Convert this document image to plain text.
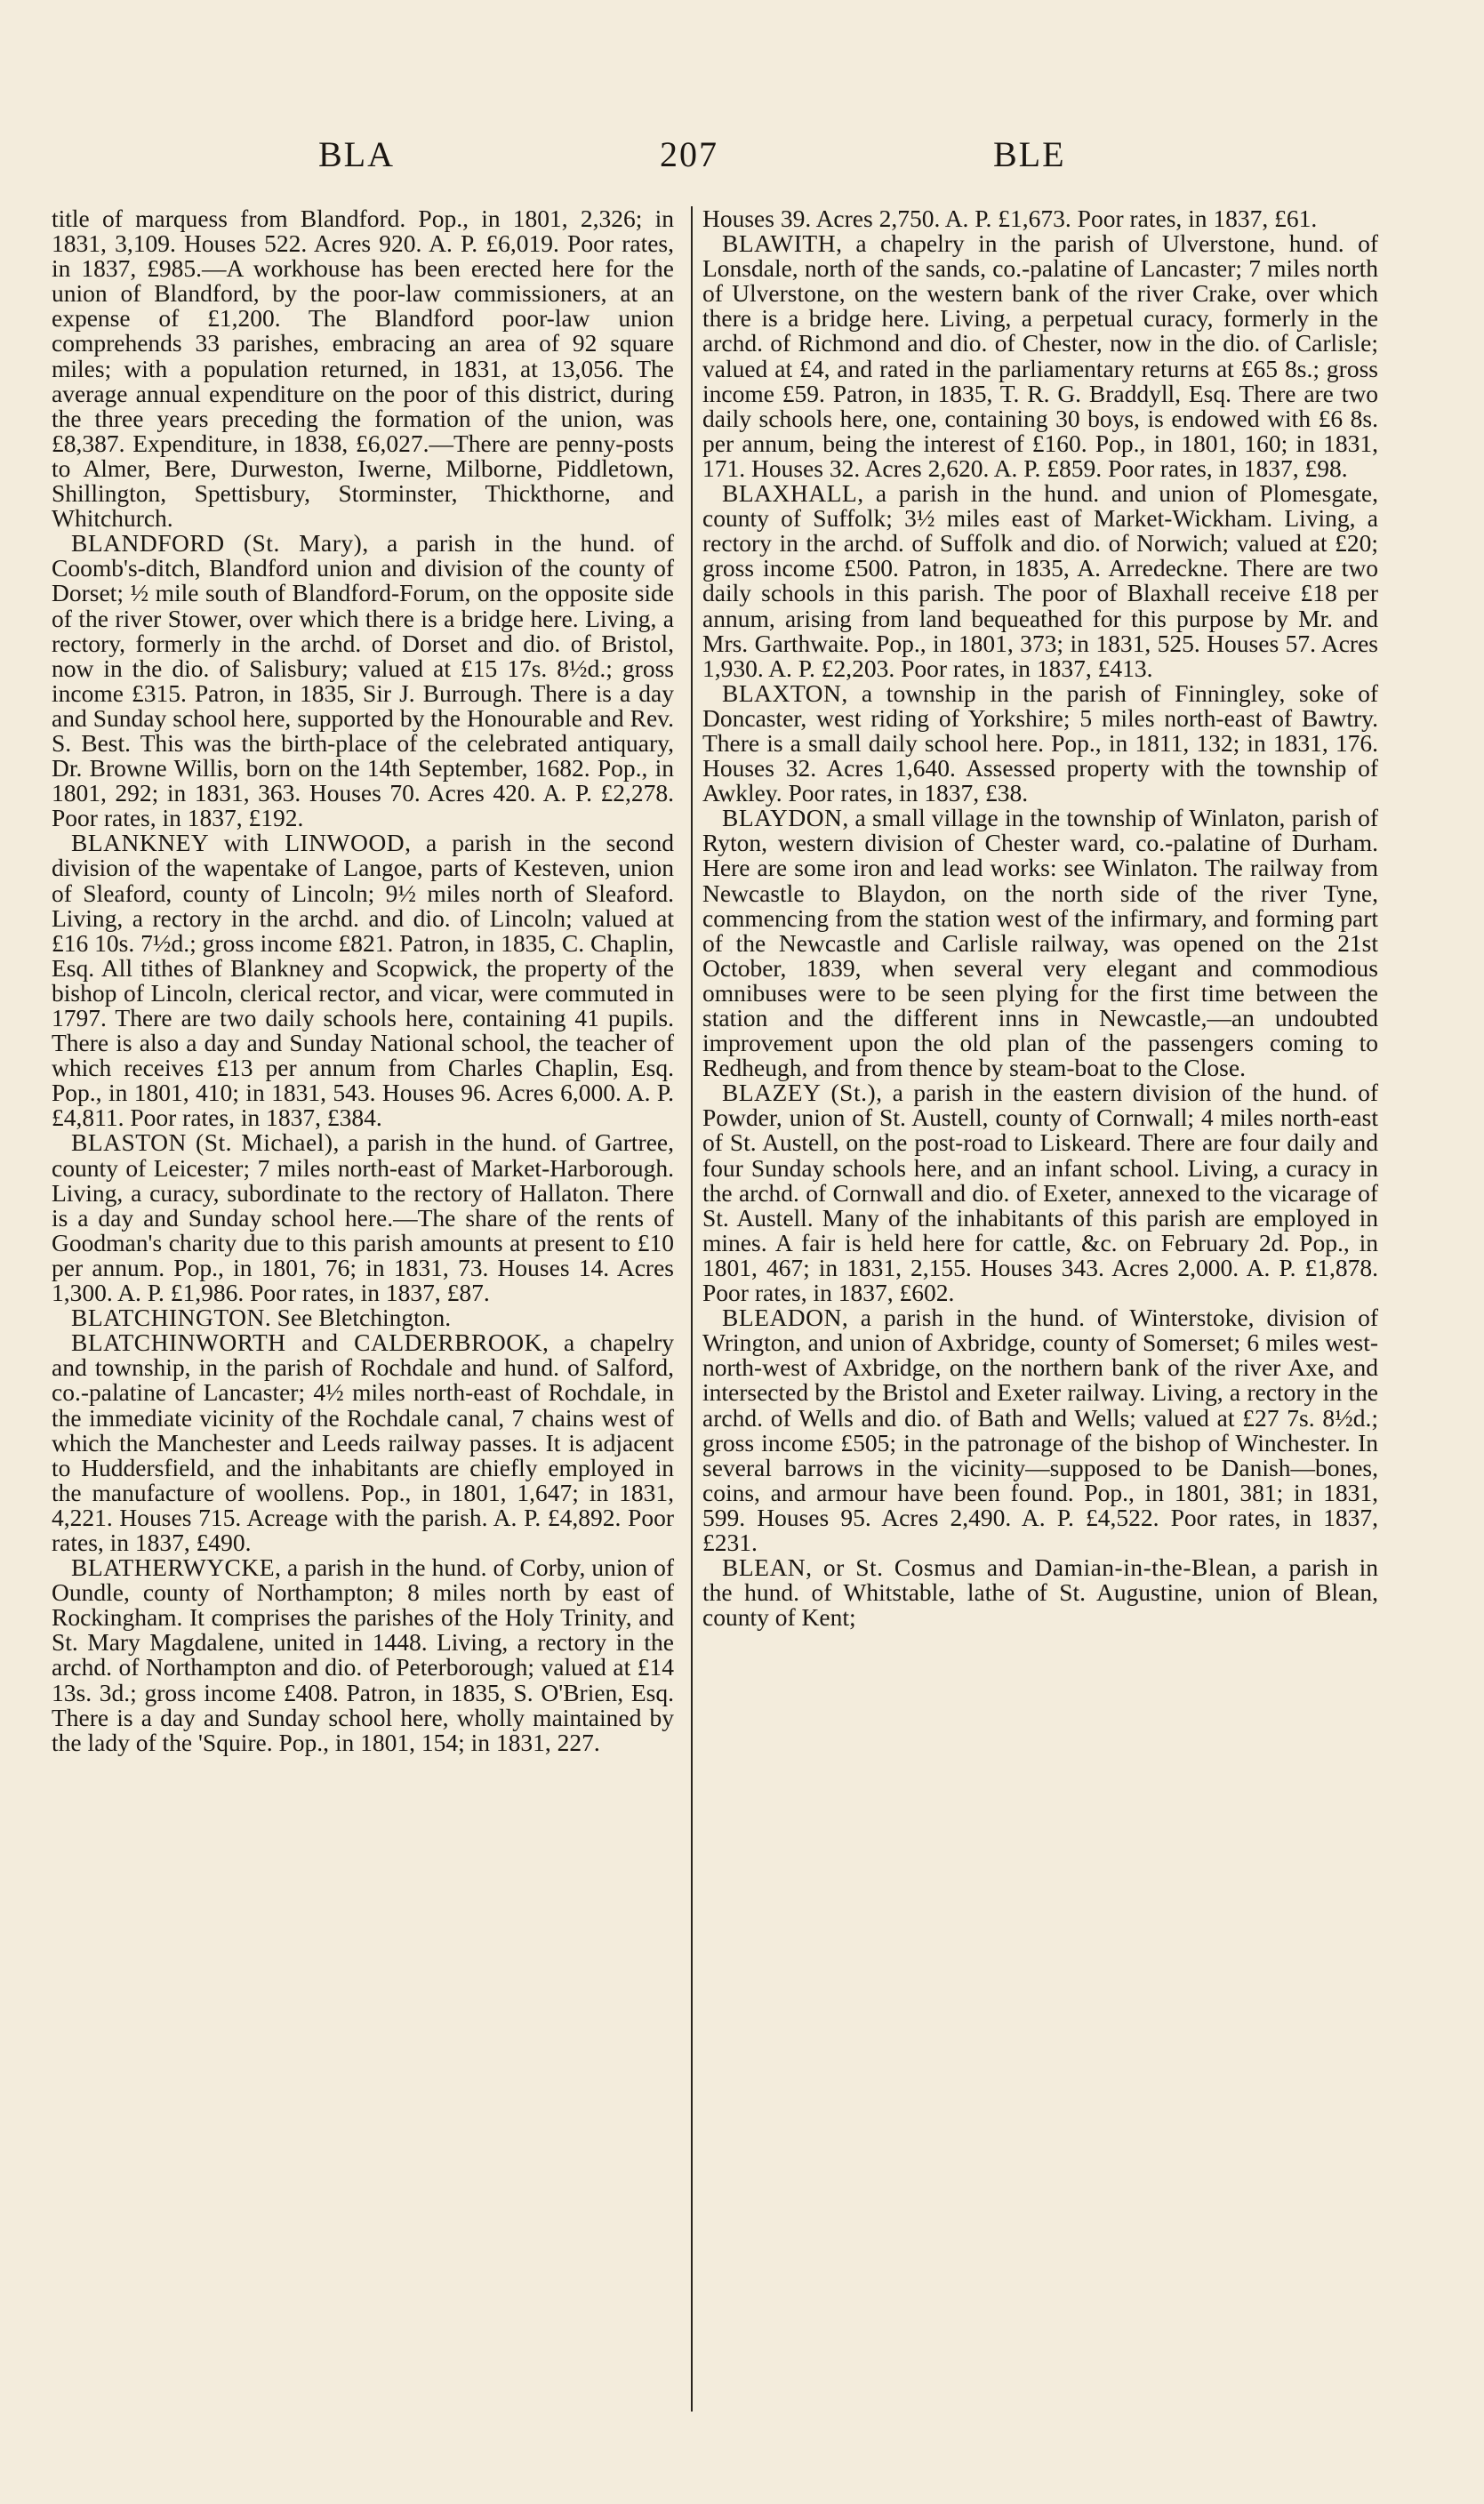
BLA	207	BLE

title of marquess from Blandford. Pop., in 1801, 2,326; in 1831, 3,109. Houses 522. Acres 920. A. P. £6,019. Poor rates, in 1837, £985.—A workhouse has been erected here for the union of Blandford, by the poor-law commissioners, at an expense of £1,200. The Blandford poor-law union comprehends 33 parishes, embracing an area of 92 square miles; with a population returned, in 1831, at 13,056. The average annual expenditure on the poor of this district, during the three years preceding the formation of the union, was £8,387. Expenditure, in 1838, £6,027.—There are penny-posts to Almer, Bere, Durweston, Iwerne, Milborne, Piddletown, Shillington, Spettisbury, Storminster, Thickthorne, and Whitchurch.

BLANDFORD (St. Mary), a parish in the hund. of Coomb's-ditch, Blandford union and division of the county of Dorset; ½ mile south of Blandford-Forum, on the opposite side of the river Stower, over which there is a bridge here. Living, a rectory, formerly in the archd. of Dorset and dio. of Bristol, now in the dio. of Salisbury; valued at £15 17s. 8½d.; gross income £315. Patron, in 1835, Sir J. Burrough. There is a day and Sunday school here, supported by the Honourable and Rev. S. Best. This was the birth-place of the celebrated antiquary, Dr. Browne Willis, born on the 14th September, 1682. Pop., in 1801, 292; in 1831, 363. Houses 70. Acres 420. A. P. £2,278. Poor rates, in 1837, £192.

BLANKNEY with LINWOOD, a parish in the second division of the wapentake of Langoe, parts of Kesteven, union of Sleaford, county of Lincoln; 9½ miles north of Sleaford. Living, a rectory in the archd. and dio. of Lincoln; valued at £16 10s. 7½d.; gross income £821. Patron, in 1835, C. Chaplin, Esq. All tithes of Blankney and Scopwick, the property of the bishop of Lincoln, clerical rector, and vicar, were commuted in 1797. There are two daily schools here, containing 41 pupils. There is also a day and Sunday National school, the teacher of which receives £13 per annum from Charles Chaplin, Esq. Pop., in 1801, 410; in 1831, 543. Houses 96. Acres 6,000. A. P. £4,811. Poor rates, in 1837, £384.

BLASTON (St. Michael), a parish in the hund. of Gartree, county of Leicester; 7 miles north-east of Market-Harborough. Living, a curacy, subordinate to the rectory of Hallaton. There is a day and Sunday school here.—The share of the rents of Goodman's charity due to this parish amounts at present to £10 per annum. Pop., in 1801, 76; in 1831, 73. Houses 14. Acres 1,300. A. P. £1,986. Poor rates, in 1837, £87.

BLATCHINGTON. See Bletchington.

BLATCHINWORTH and CALDERBROOK, a chapelry and township, in the parish of Rochdale and hund. of Salford, co.-palatine of Lancaster; 4½ miles north-east of Rochdale, in the immediate vicinity of the Rochdale canal, 7 chains west of which the Manchester and Leeds railway passes. It is adjacent to Huddersfield, and the inhabitants are chiefly employed in the manufacture of woollens. Pop., in 1801, 1,647; in 1831, 4,221. Houses 715. Acreage with the parish. A. P. £4,892. Poor rates, in 1837, £490.

BLATHERWYCKE, a parish in the hund. of Corby, union of Oundle, county of Northampton; 8 miles north by east of Rockingham. It comprises the parishes of the Holy Trinity, and St. Mary Magdalene, united in 1448. Living, a rectory in the archd. of Northampton and dio. of Peterborough; valued at £14 13s. 3d.; gross income £408. Patron, in 1835, S. O'Brien, Esq. There is a day and Sunday school here, wholly maintained by the lady of the 'Squire. Pop., in 1801, 154; in 1831, 227.

Houses 39. Acres 2,750. A. P. £1,673. Poor rates, in 1837, £61.

BLAWITH, a chapelry in the parish of Ulverstone, hund. of Lonsdale, north of the sands, co.-palatine of Lancaster; 7 miles north of Ulverstone, on the western bank of the river Crake, over which there is a bridge here. Living, a perpetual curacy, formerly in the archd. of Richmond and dio. of Chester, now in the dio. of Carlisle; valued at £4, and rated in the parliamentary returns at £65 8s.; gross income £59. Patron, in 1835, T. R. G. Braddyll, Esq. There are two daily schools here, one, containing 30 boys, is endowed with £6 8s. per annum, being the interest of £160. Pop., in 1801, 160; in 1831, 171. Houses 32. Acres 2,620. A. P. £859. Poor rates, in 1837, £98.

BLAXHALL, a parish in the hund. and union of Plomesgate, county of Suffolk; 3½ miles east of Market-Wickham. Living, a rectory in the archd. of Suffolk and dio. of Norwich; valued at £20; gross income £500. Patron, in 1835, A. Arredeckne. There are two daily schools in this parish. The poor of Blaxhall receive £18 per annum, arising from land bequeathed for this purpose by Mr. and Mrs. Garthwaite. Pop., in 1801, 373; in 1831, 525. Houses 57. Acres 1,930. A. P. £2,203. Poor rates, in 1837, £413.

BLAXTON, a township in the parish of Finningley, soke of Doncaster, west riding of Yorkshire; 5 miles north-east of Bawtry. There is a small daily school here. Pop., in 1811, 132; in 1831, 176. Houses 32. Acres 1,640. Assessed property with the township of Awkley. Poor rates, in 1837, £38.

BLAYDON, a small village in the township of Winlaton, parish of Ryton, western division of Chester ward, co.-palatine of Durham. Here are some iron and lead works: see Winlaton. The railway from Newcastle to Blaydon, on the north side of the river Tyne, commencing from the station west of the infirmary, and forming part of the Newcastle and Carlisle railway, was opened on the 21st October, 1839, when several very elegant and commodious omnibuses were to be seen plying for the first time between the station and the different inns in Newcastle,—an undoubted improvement upon the old plan of the passengers coming to Redheugh, and from thence by steam-boat to the Close.

BLAZEY (St.), a parish in the eastern division of the hund. of Powder, union of St. Austell, county of Cornwall; 4 miles north-east of St. Austell, on the post-road to Liskeard. There are four daily and four Sunday schools here, and an infant school. Living, a curacy in the archd. of Cornwall and dio. of Exeter, annexed to the vicarage of St. Austell. Many of the inhabitants of this parish are employed in mines. A fair is held here for cattle, &c. on February 2d. Pop., in 1801, 467; in 1831, 2,155. Houses 343. Acres 2,000. A. P. £1,878. Poor rates, in 1837, £602.

BLEADON, a parish in the hund. of Winterstoke, division of Wrington, and union of Axbridge, county of Somerset; 6 miles west-north-west of Axbridge, on the northern bank of the river Axe, and intersected by the Bristol and Exeter railway. Living, a rectory in the archd. of Wells and dio. of Bath and Wells; valued at £27 7s. 8½d.; gross income £505; in the patronage of the bishop of Winchester. In several barrows in the vicinity—supposed to be Danish—bones, coins, and armour have been found. Pop., in 1801, 381; in 1831, 599. Houses 95. Acres 2,490. A. P. £4,522. Poor rates, in 1837, £231.

BLEAN, or St. Cosmus and Damian-in-the-Blean, a parish in the hund. of Whitstable, lathe of St. Augustine, union of Blean, county of Kent;
